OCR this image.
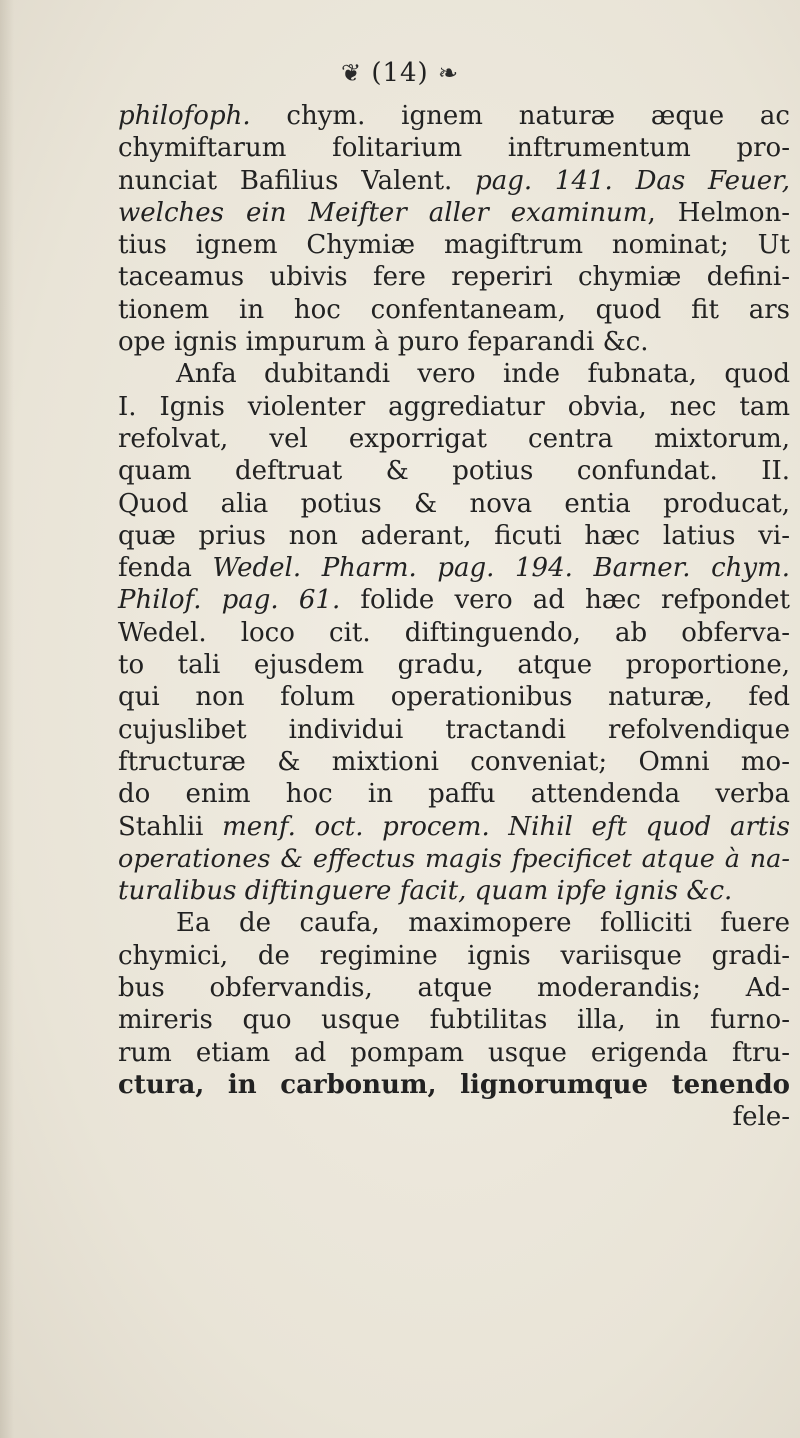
❦ (14) ❧
philofoph. chym. ignem naturæ æque ac
chymiftarum folitarium inftrumentum pro-
nunciat Bafilius Valent. pag. 141. Das Feuer,
welches ein Meifter aller examinum, Helmon-
tius ignem Chymiæ magiftrum nominat; Ut
taceamus ubivis fere reperiri chymiæ defini-
tionem in hoc confentaneam, quod fit ars
ope ignis impurum à puro feparandi &c.
Anfa dubitandi vero inde fubnata, quod
I. Ignis violenter aggrediatur obvia, nec tam
refolvat, vel exporrigat centra mixtorum,
quam deftruat & potius confundat. II.
Quod alia potius & nova entia producat,
quæ prius non aderant, ficuti hæc latius vi-
fenda Wedel. Pharm. pag. 194. Barner. chym.
Philof. pag. 61. folide vero ad hæc refpondet
Wedel. loco cit. diftinguendo, ab obferva-
to tali ejusdem gradu, atque proportione,
qui non folum operationibus naturæ, fed
cujuslibet individui tractandi refolvendique
ftructuræ & mixtioni conveniat; Omni mo-
do enim hoc in paffu attendenda verba
Stahlii menf. oct. procem. Nihil eft quod artis
operationes & effectus magis fpecificet atque à na-
turalibus diftinguere facit, quam ipfe ignis &c.
Ea de caufa, maximopere folliciti fuere
chymici, de regimine ignis variisque gradi-
bus obfervandis, atque moderandis; Ad-
mireris quo usque fubtilitas illa, in furno-
rum etiam ad pompam usque erigenda ftru-
ctura, in carbonum, lignorumque tenendo
fele-
